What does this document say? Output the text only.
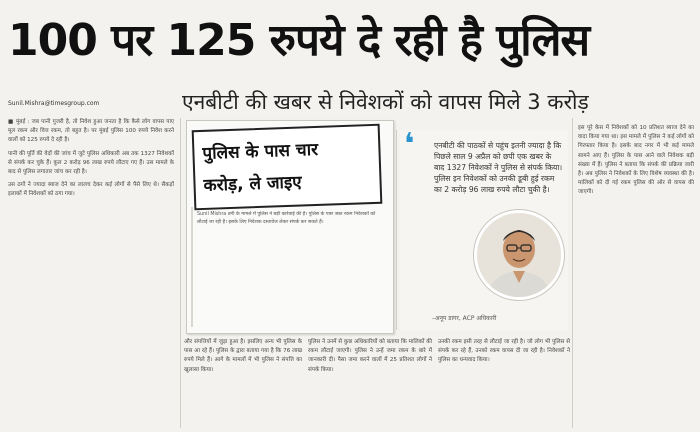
100 पर 125 रुपये दे रही है पुलिस
एनबीटी की खबर से निवेशकों को वापस मिले 3 करोड़
Sunil.Mishra@timesgroup.com

■ मुंबई : जब पानी गुजरी है, तो निवेश हुआ जनता है कि कैसे लोग वापस पाए मूल रकम और वित्त रकम, तो बहुत है। पर मुंबई पुलिस 100 रुपये निवेश करने वालों को 125 रुपये दे रही है।

पानी की पूर्ति की वेदों की जांच में जुटे पुलिस अधिकारी अब तक 1327 निवेशकों से संपर्क कर चुके हैं। कुल 2 करोड़ 96 लाख रुपये लौटाए गए हैं। उस मामले के बाद से पुलिस लगातार जांच कर रही है।

उस ठगों ने ज्यादा ब्याज देने का लालच देकर कई लोगों से पैसे लिए थे। सैकड़ों इलाकों में निवेशकों को ठगा गया।

पुलिस के पास चार
करोड़, ले जाइए
Sunil Mishra ठगी के मामले में पुलिस ने बड़ी कार्रवाई की है। पुलिस के पास जब्त रकम निवेशकों को लौटाई जा रही है। इसके लिए निवेशक दस्तावेज लेकर संपर्क कर सकते हैं।
❛	एनबीटी की पाठकों से पहुंच इतनी ज्यादा है कि पिछले साल 9 अप्रैल को छपी एक खबर के बाद 1327 निवेशकों ने पुलिस से संपर्क किया। पुलिस इन निवेशकों को उनकी डूबी हुई रकम का 2 करोड़ 96 लाख रुपये लौटा चुकी है।
–अनूप डागर, ACP अधिकारी
और संपत्तियों में जुड़ा हुआ है। इसलिए अन्य भी पुलिस के पास आ रहे हैं। पुलिस के द्वारा बताया गया है कि 76 लाख रुपये मिले हैं। आगे के मामलों में भी पुलिस ने संपत्ति का खुलासा किया।
पुलिस ने उनमें से कुछ अधिकारियों को बताया कि मालिकों की रकम लौटाई जाएगी। पुलिस ने उन्हें जमा रकम के बारे में जानकारी दी। पैसा जमा करने वालों में 25 प्रतिशत लोगों ने संपर्क किया।
उनकी रकम इसी तरह से लौटाई जा रही है। जो लोग भी पुलिस से संपर्क कर रहे हैं, उनको रकम वापस दी जा रही है। निवेशकों ने पुलिस का धन्यवाद किया।
इस पूरे केस में निवेशकों को 10 प्रतिशत ब्याज देने का वादा किया गया था। इस मामले में पुलिस ने कई लोगों को गिरफ्तार किया है। इसके बाद नगर में भी कई मामले सामने आए हैं। पुलिस के पास आने वाले निवेशक बड़ी संख्या में हैं। पुलिस ने बताया कि संपर्क की प्रक्रिया जारी है। अब पुलिस ने निवेशकों के लिए विशेष व्यवस्था की है। मालिकों को दी गई रकम पुलिस की ओर से वापस की जाएगी।
